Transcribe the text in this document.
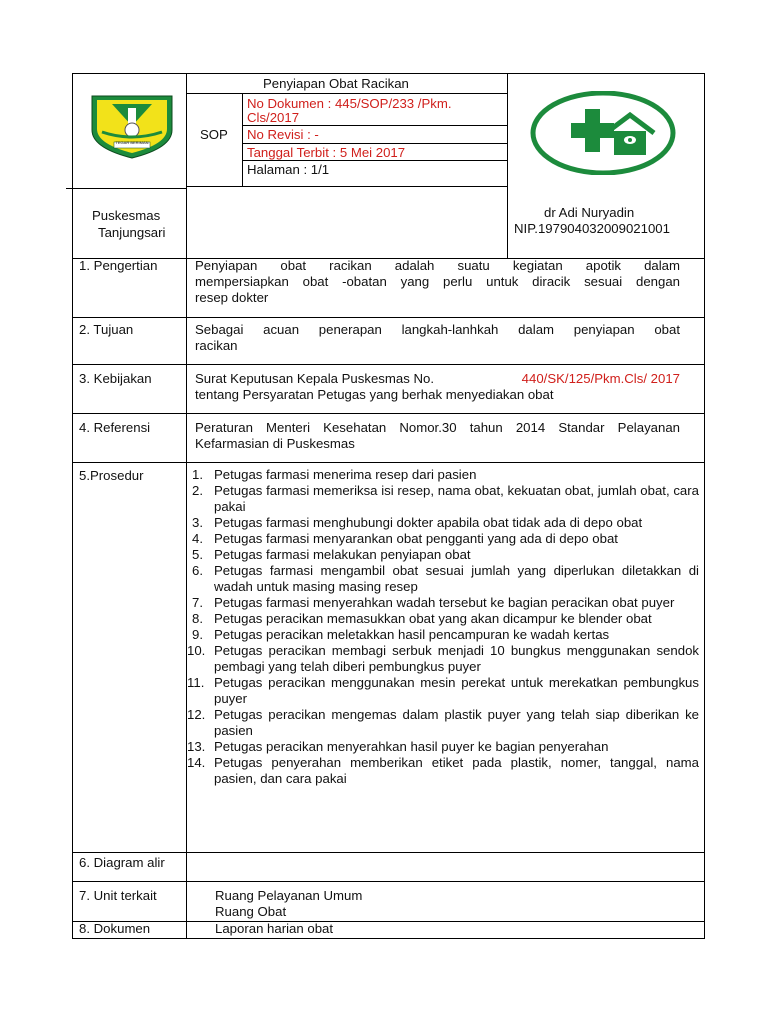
TEGAR BERIMAN
Penyiapan Obat Racikan
SOP
No Dokumen : 445/SOP/233 /Pkm.
Cls/2017
No Revisi : -
Tanggal Terbit : 5 Mei 2017
Halaman : 1/1
Puskesmas
Tanjungsari
dr Adi Nuryadin
NIP.197904032009021001
1. Pengertian	Penyiapan obat racikan adalah suatu kegiatan apotik dalam
mempersiapkan obat -obatan yang perlu untuk diracik sesuai dengan
resep dokter
2. Tujuan	Sebagai acuan penerapan langkah-lanhkah dalam penyiapan obat
racikan
3. Kebijakan	Surat Keputusan Kepala Puskesmas No.	440/SK/125/Pkm.Cls/ 2017
tentang Persyaratan Petugas yang berhak menyediakan obat
4. Referensi	Peraturan Menteri Kesehatan Nomor.30 tahun 2014 Standar Pelayanan
Kefarmasian di Puskesmas
5.Prosedur	1. Petugas farmasi menerima resep dari pasien
2. Petugas farmasi memeriksa isi resep, nama obat, kekuatan obat, jumlah obat, cara pakai
3. Petugas farmasi menghubungi dokter apabila obat tidak ada di depo obat
4. Petugas farmasi menyarankan obat pengganti yang ada di depo obat
5. Petugas farmasi melakukan penyiapan obat
6. Petugas farmasi mengambil obat sesuai jumlah yang diperlukan diletakkan di wadah untuk masing masing resep
7. Petugas farmasi menyerahkan wadah tersebut ke bagian peracikan obat puyer
8. Petugas peracikan memasukkan obat yang akan dicampur ke blender obat
9. Petugas peracikan meletakkan hasil pencampuran ke wadah kertas
10. Petugas peracikan membagi serbuk menjadi 10 bungkus menggunakan sendok pembagi yang telah diberi pembungkus puyer
11. Petugas peracikan menggunakan mesin perekat untuk merekatkan pembungkus puyer
12. Petugas peracikan mengemas dalam plastik puyer yang telah siap diberikan ke pasien
13. Petugas peracikan menyerahkan hasil puyer ke bagian penyerahan
14. Petugas penyerahan memberikan etiket pada plastik, nomer, tanggal, nama pasien, dan cara pakai
6. Diagram alir
7. Unit terkait	Ruang Pelayanan Umum
Ruang Obat
8. Dokumen	Laporan harian obat
